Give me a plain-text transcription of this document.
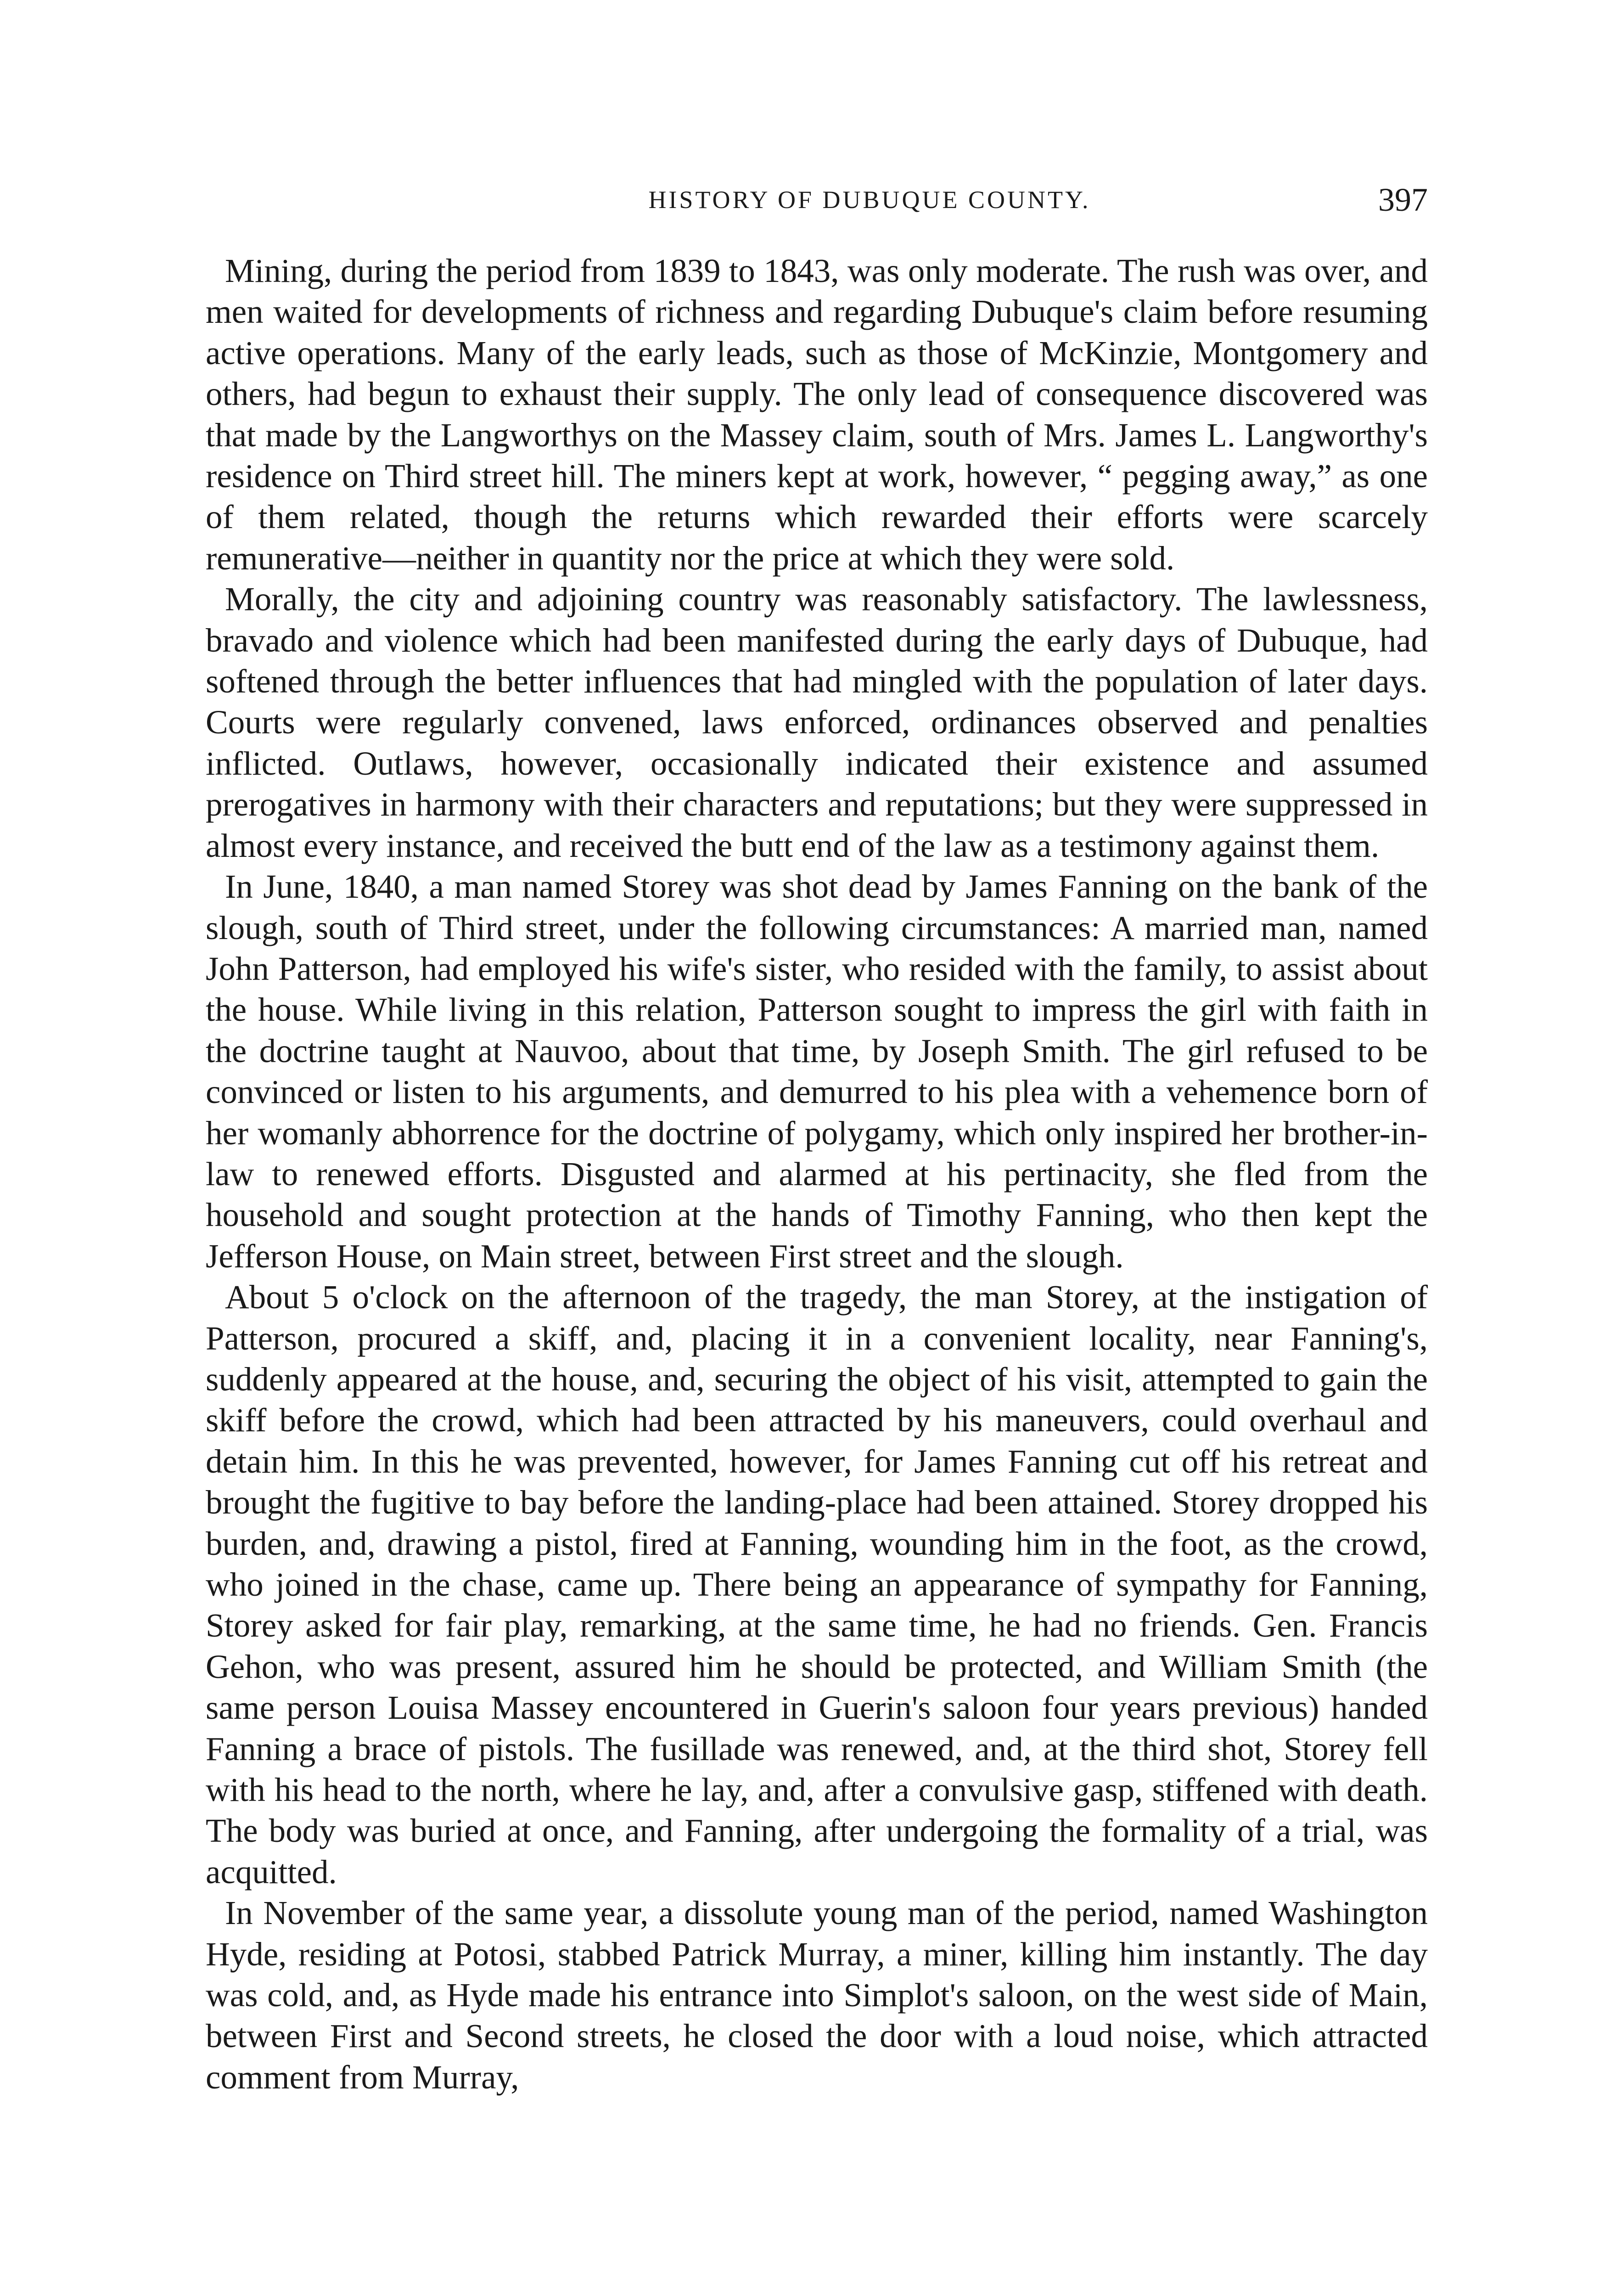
HISTORY OF DUBUQUE COUNTY.	397

Mining, during the period from 1839 to 1843, was only moderate. The rush was over, and men waited for developments of richness and regarding Dubuque's claim before resuming active operations. Many of the early leads, such as those of McKinzie, Montgomery and others, had begun to exhaust their supply. The only lead of consequence discovered was that made by the Langworthys on the Massey claim, south of Mrs. James L. Langworthy's residence on Third street hill. The miners kept at work, however, “ pegging away,” as one of them related, though the returns which rewarded their efforts were scarcely remunerative—neither in quantity nor the price at which they were sold.

Morally, the city and adjoining country was reasonably satisfactory. The lawlessness, bravado and violence which had been manifested during the early days of Dubuque, had softened through the better influences that had mingled with the population of later days. Courts were regularly convened, laws enforced, ordinances observed and penalties inflicted. Outlaws, however, occasionally indicated their existence and assumed prerogatives in harmony with their characters and reputations; but they were suppressed in almost every instance, and received the butt end of the law as a testimony against them.

In June, 1840, a man named Storey was shot dead by James Fanning on the bank of the slough, south of Third street, under the following circumstances: A married man, named John Patterson, had employed his wife's sister, who resided with the family, to assist about the house. While living in this relation, Patterson sought to impress the girl with faith in the doctrine taught at Nauvoo, about that time, by Joseph Smith. The girl refused to be convinced or listen to his arguments, and demurred to his plea with a vehemence born of her womanly abhorrence for the doctrine of polygamy, which only inspired her brother-in-law to renewed efforts. Disgusted and alarmed at his pertinacity, she fled from the household and sought protection at the hands of Timothy Fanning, who then kept the Jefferson House, on Main street, between First street and the slough.

About 5 o'clock on the afternoon of the tragedy, the man Storey, at the instigation of Patterson, procured a skiff, and, placing it in a convenient locality, near Fanning's, suddenly appeared at the house, and, securing the object of his visit, attempted to gain the skiff before the crowd, which had been attracted by his maneuvers, could overhaul and detain him. In this he was prevented, however, for James Fanning cut off his retreat and brought the fugitive to bay before the landing-place had been attained. Storey dropped his burden, and, drawing a pistol, fired at Fanning, wounding him in the foot, as the crowd, who joined in the chase, came up. There being an appearance of sympathy for Fanning, Storey asked for fair play, remarking, at the same time, he had no friends. Gen. Francis Gehon, who was present, assured him he should be protected, and William Smith (the same person Louisa Massey encountered in Guerin's saloon four years previous) handed Fanning a brace of pistols. The fusillade was renewed, and, at the third shot, Storey fell with his head to the north, where he lay, and, after a convulsive gasp, stiffened with death. The body was buried at once, and Fanning, after undergoing the formality of a trial, was acquitted.

In November of the same year, a dissolute young man of the period, named Washington Hyde, residing at Potosi, stabbed Patrick Murray, a miner, killing him instantly. The day was cold, and, as Hyde made his entrance into Simplot's saloon, on the west side of Main, between First and Second streets, he closed the door with a loud noise, which attracted comment from Murray,
